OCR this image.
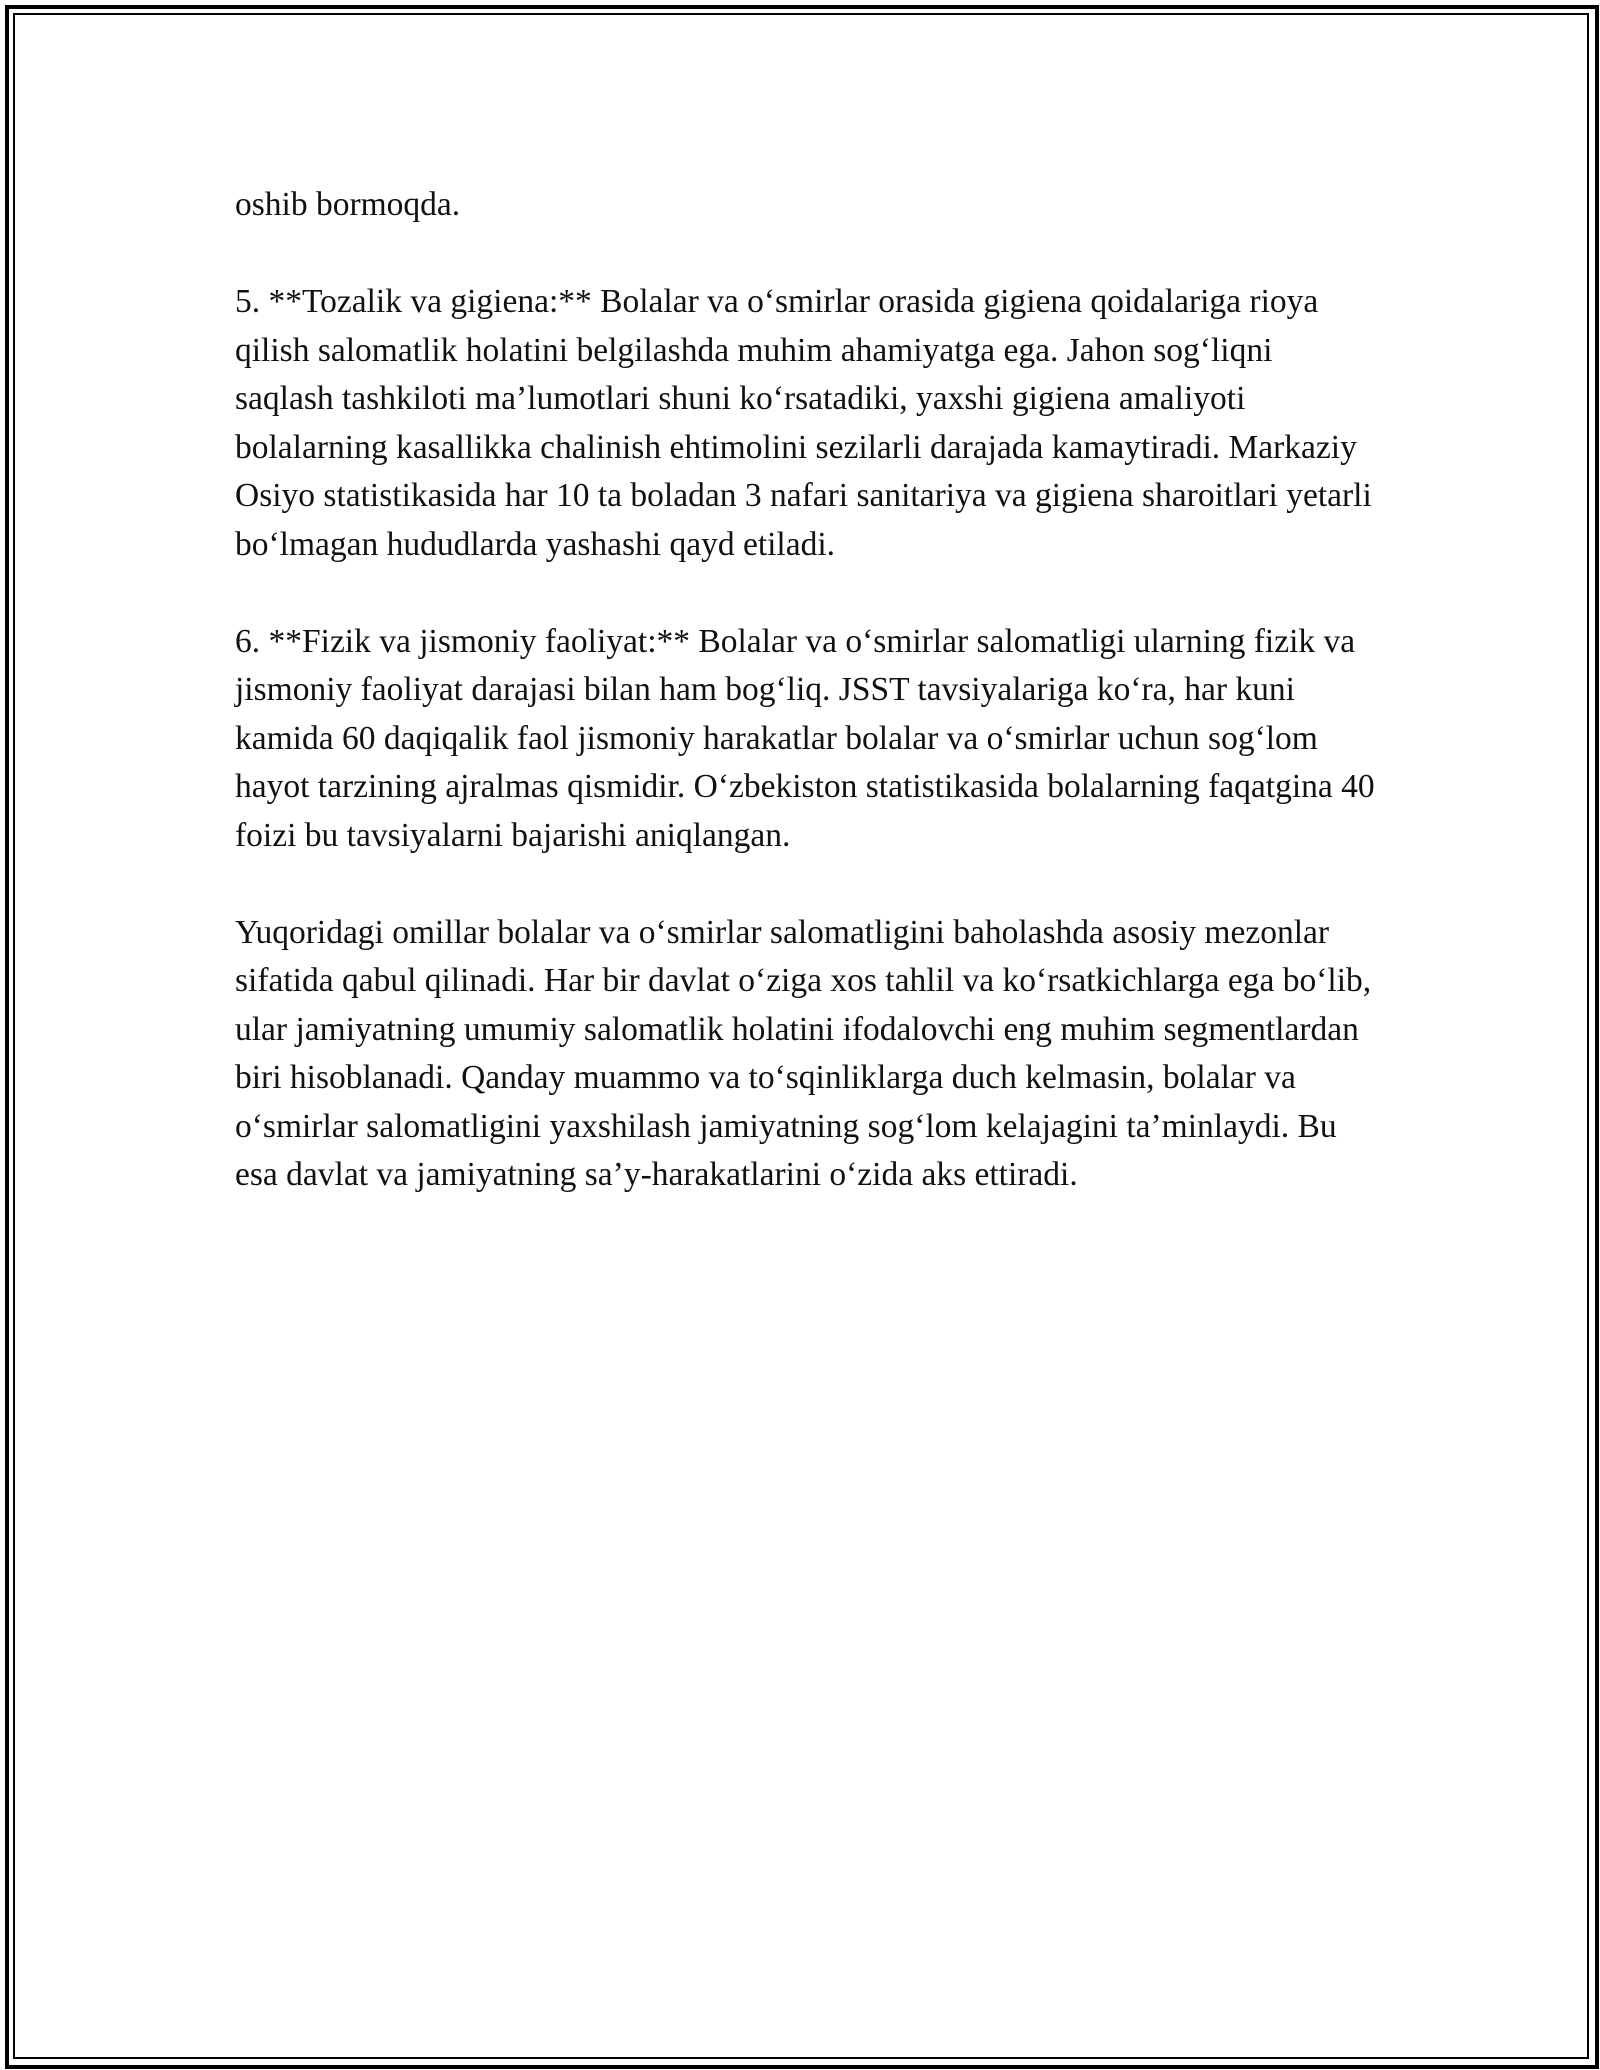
oshib bormoqda.

5. **Tozalik va gigiena:** Bolalar va o‘smirlar orasida gigiena qoidalariga rioya qilish salomatlik holatini belgilashda muhim ahamiyatga ega. Jahon sog‘liqni saqlash tashkiloti ma’lumotlari shuni ko‘rsatadiki, yaxshi gigiena amaliyoti bolalarning kasallikka chalinish ehtimolini sezilarli darajada kamaytiradi. Markaziy Osiyo statistikasida har 10 ta boladan 3 nafari sanitariya va gigiena sharoitlari yetarli bo‘lmagan hududlarda yashashi qayd etiladi.

6. **Fizik va jismoniy faoliyat:** Bolalar va o‘smirlar salomatligi ularning fizik va jismoniy faoliyat darajasi bilan ham bog‘liq. JSST tavsiyalariga ko‘ra, har kuni kamida 60 daqiqalik faol jismoniy harakatlar bolalar va o‘smirlar uchun sog‘lom hayot tarzining ajralmas qismidir. O‘zbekiston statistikasida bolalarning faqatgina 40 foizi bu tavsiyalarni bajarishi aniqlangan.

Yuqoridagi omillar bolalar va o‘smirlar salomatligini baholashda asosiy mezonlar sifatida qabul qilinadi. Har bir davlat o‘ziga xos tahlil va ko‘rsatkichlarga ega bo‘lib, ular jamiyatning umumiy salomatlik holatini ifodalovchi eng muhim segmentlardan biri hisoblanadi. Qanday muammo va to‘sqinliklarga duch kelmasin, bolalar va o‘smirlar salomatligini yaxshilash jamiyatning sog‘lom kelajagini ta’minlaydi. Bu esa davlat va jamiyatning sa’y-harakatlarini o‘zida aks ettiradi.
